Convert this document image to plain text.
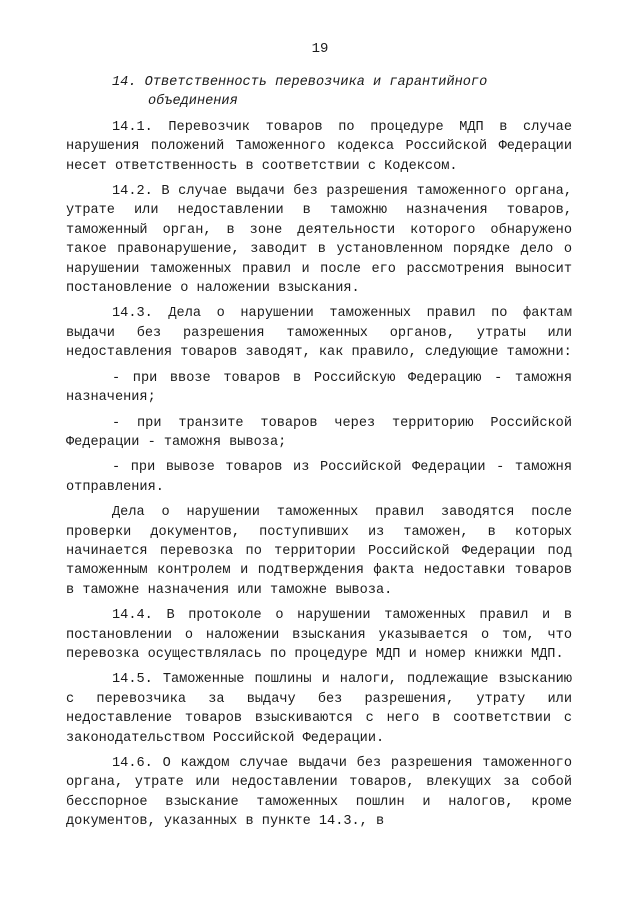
19
14. Ответственность перевозчика и гарантийного
объединения

14.1. Перевозчик товаров по процедуре МДП в случае нарушения положений Таможенного кодекса Российской Федерации несет ответственность в соответствии с Кодексом.

14.2. В случае выдачи без разрешения таможенного органа, утрате или недоставлении в таможню назначения товаров, таможенный орган, в зоне деятельности которого обнаружено такое правонарушение, заводит в установленном порядке дело о нарушении таможенных правил и после его рассмотрения выносит постановление о наложении взыскания.

14.3. Дела о нарушении таможенных правил по фактам выдачи без разрешения таможенных органов, утраты или недоставления товаров заводят, как правило, следующие таможни:

- при ввозе товаров в Российскую Федерацию - таможня назначения;

- при транзите товаров через территорию Российской Федерации - таможня вывоза;

- при вывозе товаров из Российской Федерации - таможня отправления.

Дела о нарушении таможенных правил заводятся после проверки документов, поступивших из таможен, в которых начинается перевозка по территории Российской Федерации под таможенным контролем и подтверждения факта недоставки товаров в таможне назначения или таможне вывоза.

14.4. В протоколе о нарушении таможенных правил и в постановлении о наложении взыскания указывается о том, что перевозка осуществлялась по процедуре МДП и номер книжки МДП.

14.5. Таможенные пошлины и налоги, подлежащие взысканию с перевозчика за выдачу без разрешения, утрату или недоставление товаров взыскиваются с него в соответствии с законодательством Российской Федерации.

14.6. О каждом случае выдачи без разрешения таможенного органа, утрате или недоставлении товаров, влекущих за собой бесспорное взыскание таможенных пошлин и налогов, кроме документов, указанных в пункте 14.3., в
